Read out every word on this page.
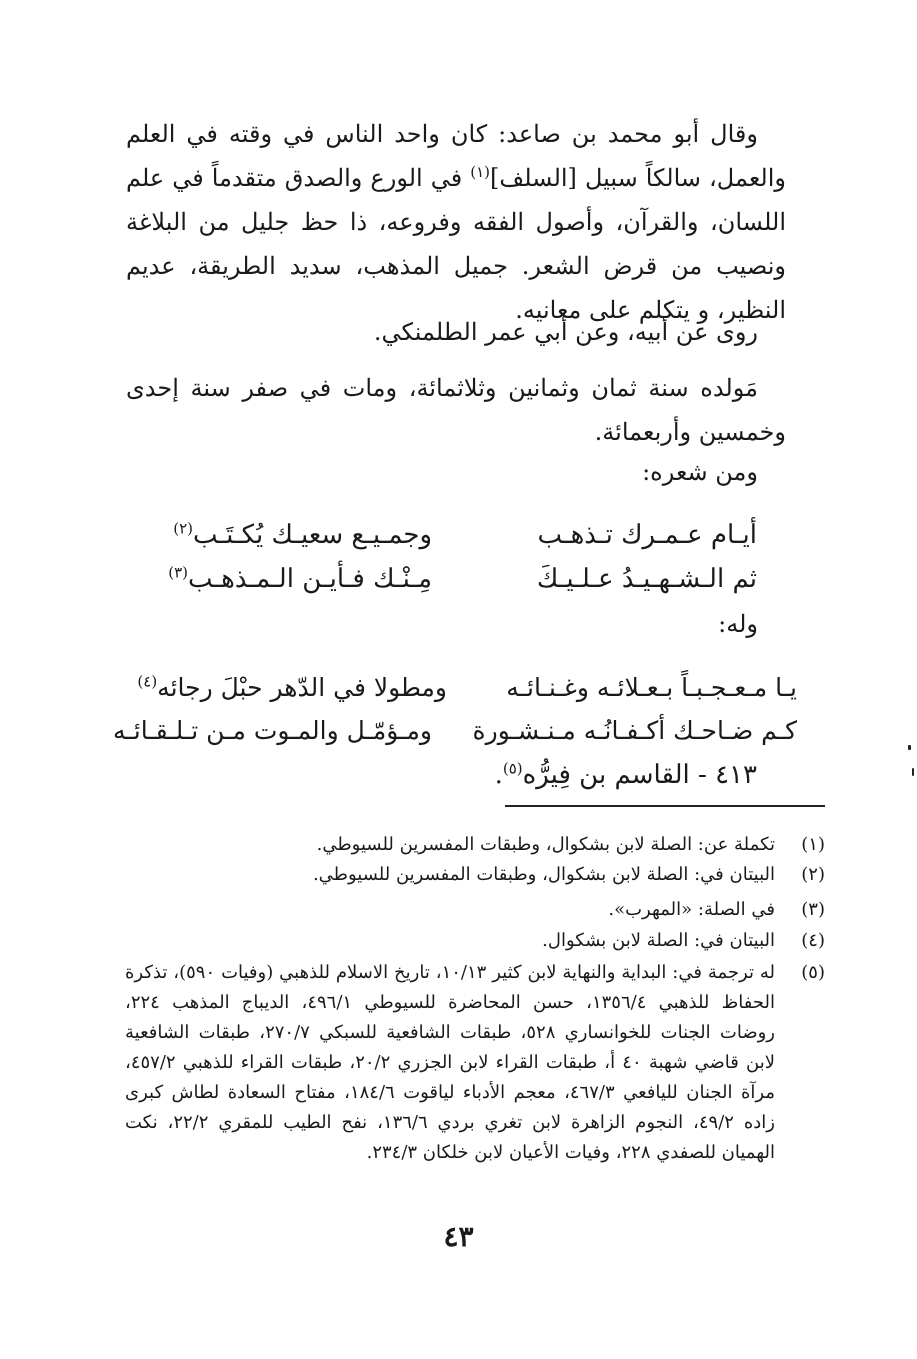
وقال أبو محمد بن صاعد: كان واحد الناس في وقته في العلم والعمل، سالكاً سبيل [السلف]$^{(١)}$ في الورع والصدق متقدماً في علم اللسان، والقرآن، وأصول الفقه وفروعه، ذا حظ جليل من البلاغة ونصيب من قرض الشعر. جميل المذهب، سديد الطريقة، عديم النظير، و يتكلم على معانيه.
روى عن أبيه، وعن أبي عمر الطلمنكي.
مَولده سنة ثمان وثمانين وثلاثمائة، ومات في صفر سنة إحدى وخمسين وأربعمائة.
ومن شعره:
أيـام عـمـرك تـذهـب
وجمـيـع سعيـك يُكـتَـب$^{(٢)}$
ثم الـشـهـيـدُ عـلـيـكَ
مِـنْـك فـأيـن الـمـذهـب$^{(٣)}$
وله:
يـا مـعـجـبـاً بـعـلائـه وغـنـائـه
ومطولا في الدّهر حبْلَ رجائه$^{(٤)}$
كـم ضـاحـك أكـفـانُـه مـنـشـورة
ومـؤمّـل والمـوت مـن تـلـقـائـه
٤١٣ - القاسم بن فِيرُّه$^{(٥)}$.
(١)
تكملة عن: الصلة لابن بشكوال، وطبقات المفسرين للسيوطي.
(٢)
البيتان في: الصلة لابن بشكوال، وطبقات المفسرين للسيوطي.
(٣)
في الصلة: «المهرب».
(٤)
البيتان في: الصلة لابن بشكوال.
(٥)
له ترجمة في: البداية والنهاية لابن كثير ١٠/١٣، تاريخ الاسلام للذهبي (وفيات ٥٩٠)، تذكرة الحفاظ للذهبي ١٣٥٦/٤، حسن المحاضرة للسيوطي ٤٩٦/١، الديباج المذهب ٢٢٤، روضات الجنات للخوانساري ٥٢٨، طبقات الشافعية للسبكي ٢٧٠/٧، طبقات الشافعية لابن قاضي شهبة ٤٠ أ، طبقات القراء لابن الجزري ٢٠/٢، طبقات القراء للذهبي ٤٥٧/٢، مرآة الجنان لليافعي ٤٦٧/٣، معجم الأدباء لياقوت ١٨٤/٦، مفتاح السعادة لطاش كبرى زاده ٤٩/٢، النجوم الزاهرة لابن تغري بردي ١٣٦/٦، نفح الطيب للمقري ٢٢/٢، نكت الهميان للصفدي ٢٢٨، وفيات الأعيان لابن خلكان ٢٣٤/٣.
٤٣
